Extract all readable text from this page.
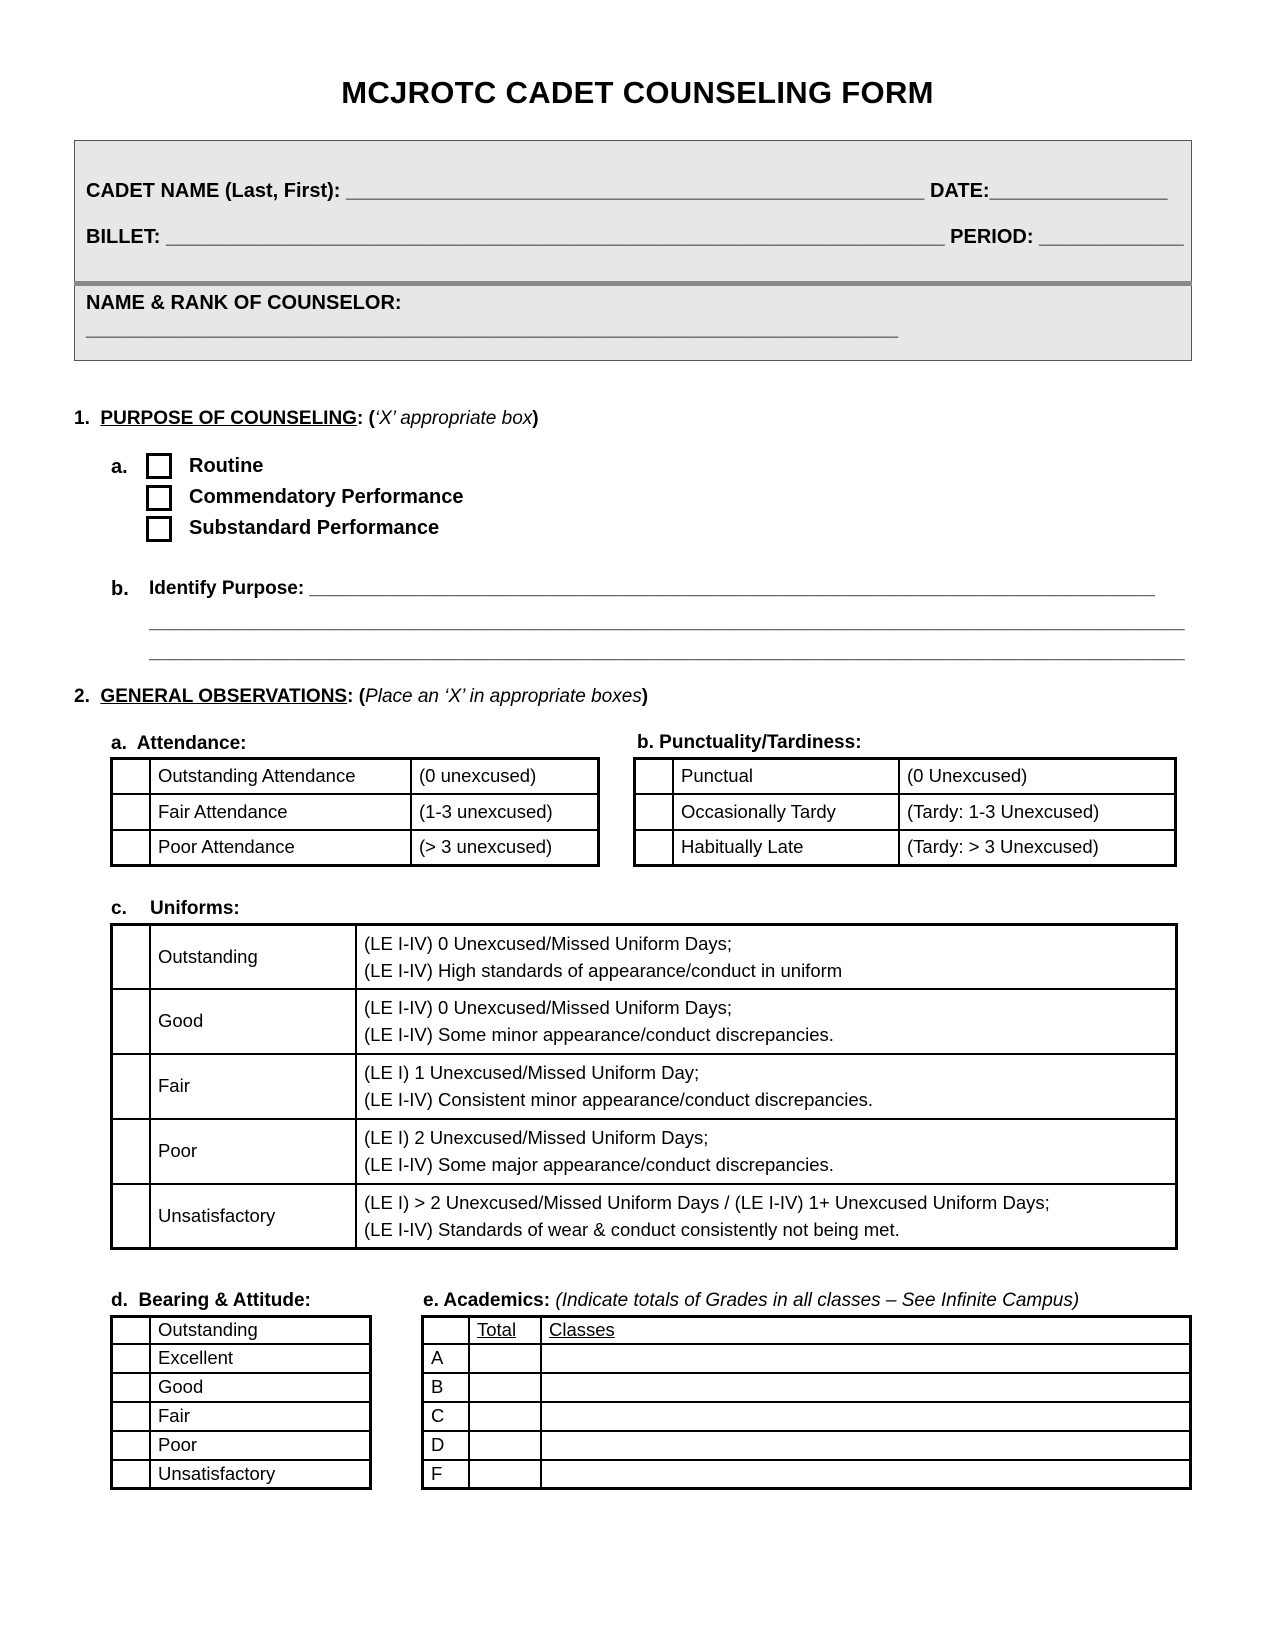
MCJROTC CADET COUNSELING FORM
CADET NAME (Last, First): ____________________________________________________ DATE:________________
BILLET: ______________________________________________________________________ PERIOD: _____________
NAME & RANK OF COUNSELOR:
_________________________________________________________________________
1. PURPOSE OF COUNSELING: (‘X’ appropriate box)
a.	Routine
Commendatory Performance
Substandard Performance
b. Identify Purpose: ________________________________________________________________________________
__________________________________________________________________________________________________
__________________________________________________________________________________________________
2. GENERAL OBSERVATIONS: (Place an ‘X’ in appropriate boxes)
a.  Attendance:
	Outstanding Attendance	(0 unexcused)
	Fair Attendance	(1-3 unexcused)
	Poor Attendance	(> 3 unexcused)
b. Punctuality/Tardiness:
	Punctual	(0 Unexcused)
	Occasionally Tardy	(Tardy: 1-3 Unexcused)
	Habitually Late	(Tardy: > 3 Unexcused)
c. Uniforms:
	Outstanding	(LE I-IV) 0 Unexcused/Missed Uniform Days;
(LE I-IV) High standards of appearance/conduct in uniform

	Good	(LE I-IV) 0 Unexcused/Missed Uniform Days;
(LE I-IV) Some minor appearance/conduct discrepancies.

	Fair	(LE I) 1 Unexcused/Missed Uniform Day;
(LE I-IV) Consistent minor appearance/conduct discrepancies.

	Poor	(LE I) 2 Unexcused/Missed Uniform Days;
(LE I-IV) Some major appearance/conduct discrepancies.

	Unsatisfactory	(LE I) > 2 Unexcused/Missed Uniform Days / (LE I-IV) 1+ Unexcused Uniform Days;
(LE I-IV) Standards of wear & conduct consistently not being met.
d.  Bearing & Attitude:
	Outstanding
	Excellent
	Good
	Fair
	Poor
	Unsatisfactory
e. Academics: (Indicate totals of Grades in all classes – See Infinite Campus)
	Total	Classes
A		
B		
C		
D		
F		
